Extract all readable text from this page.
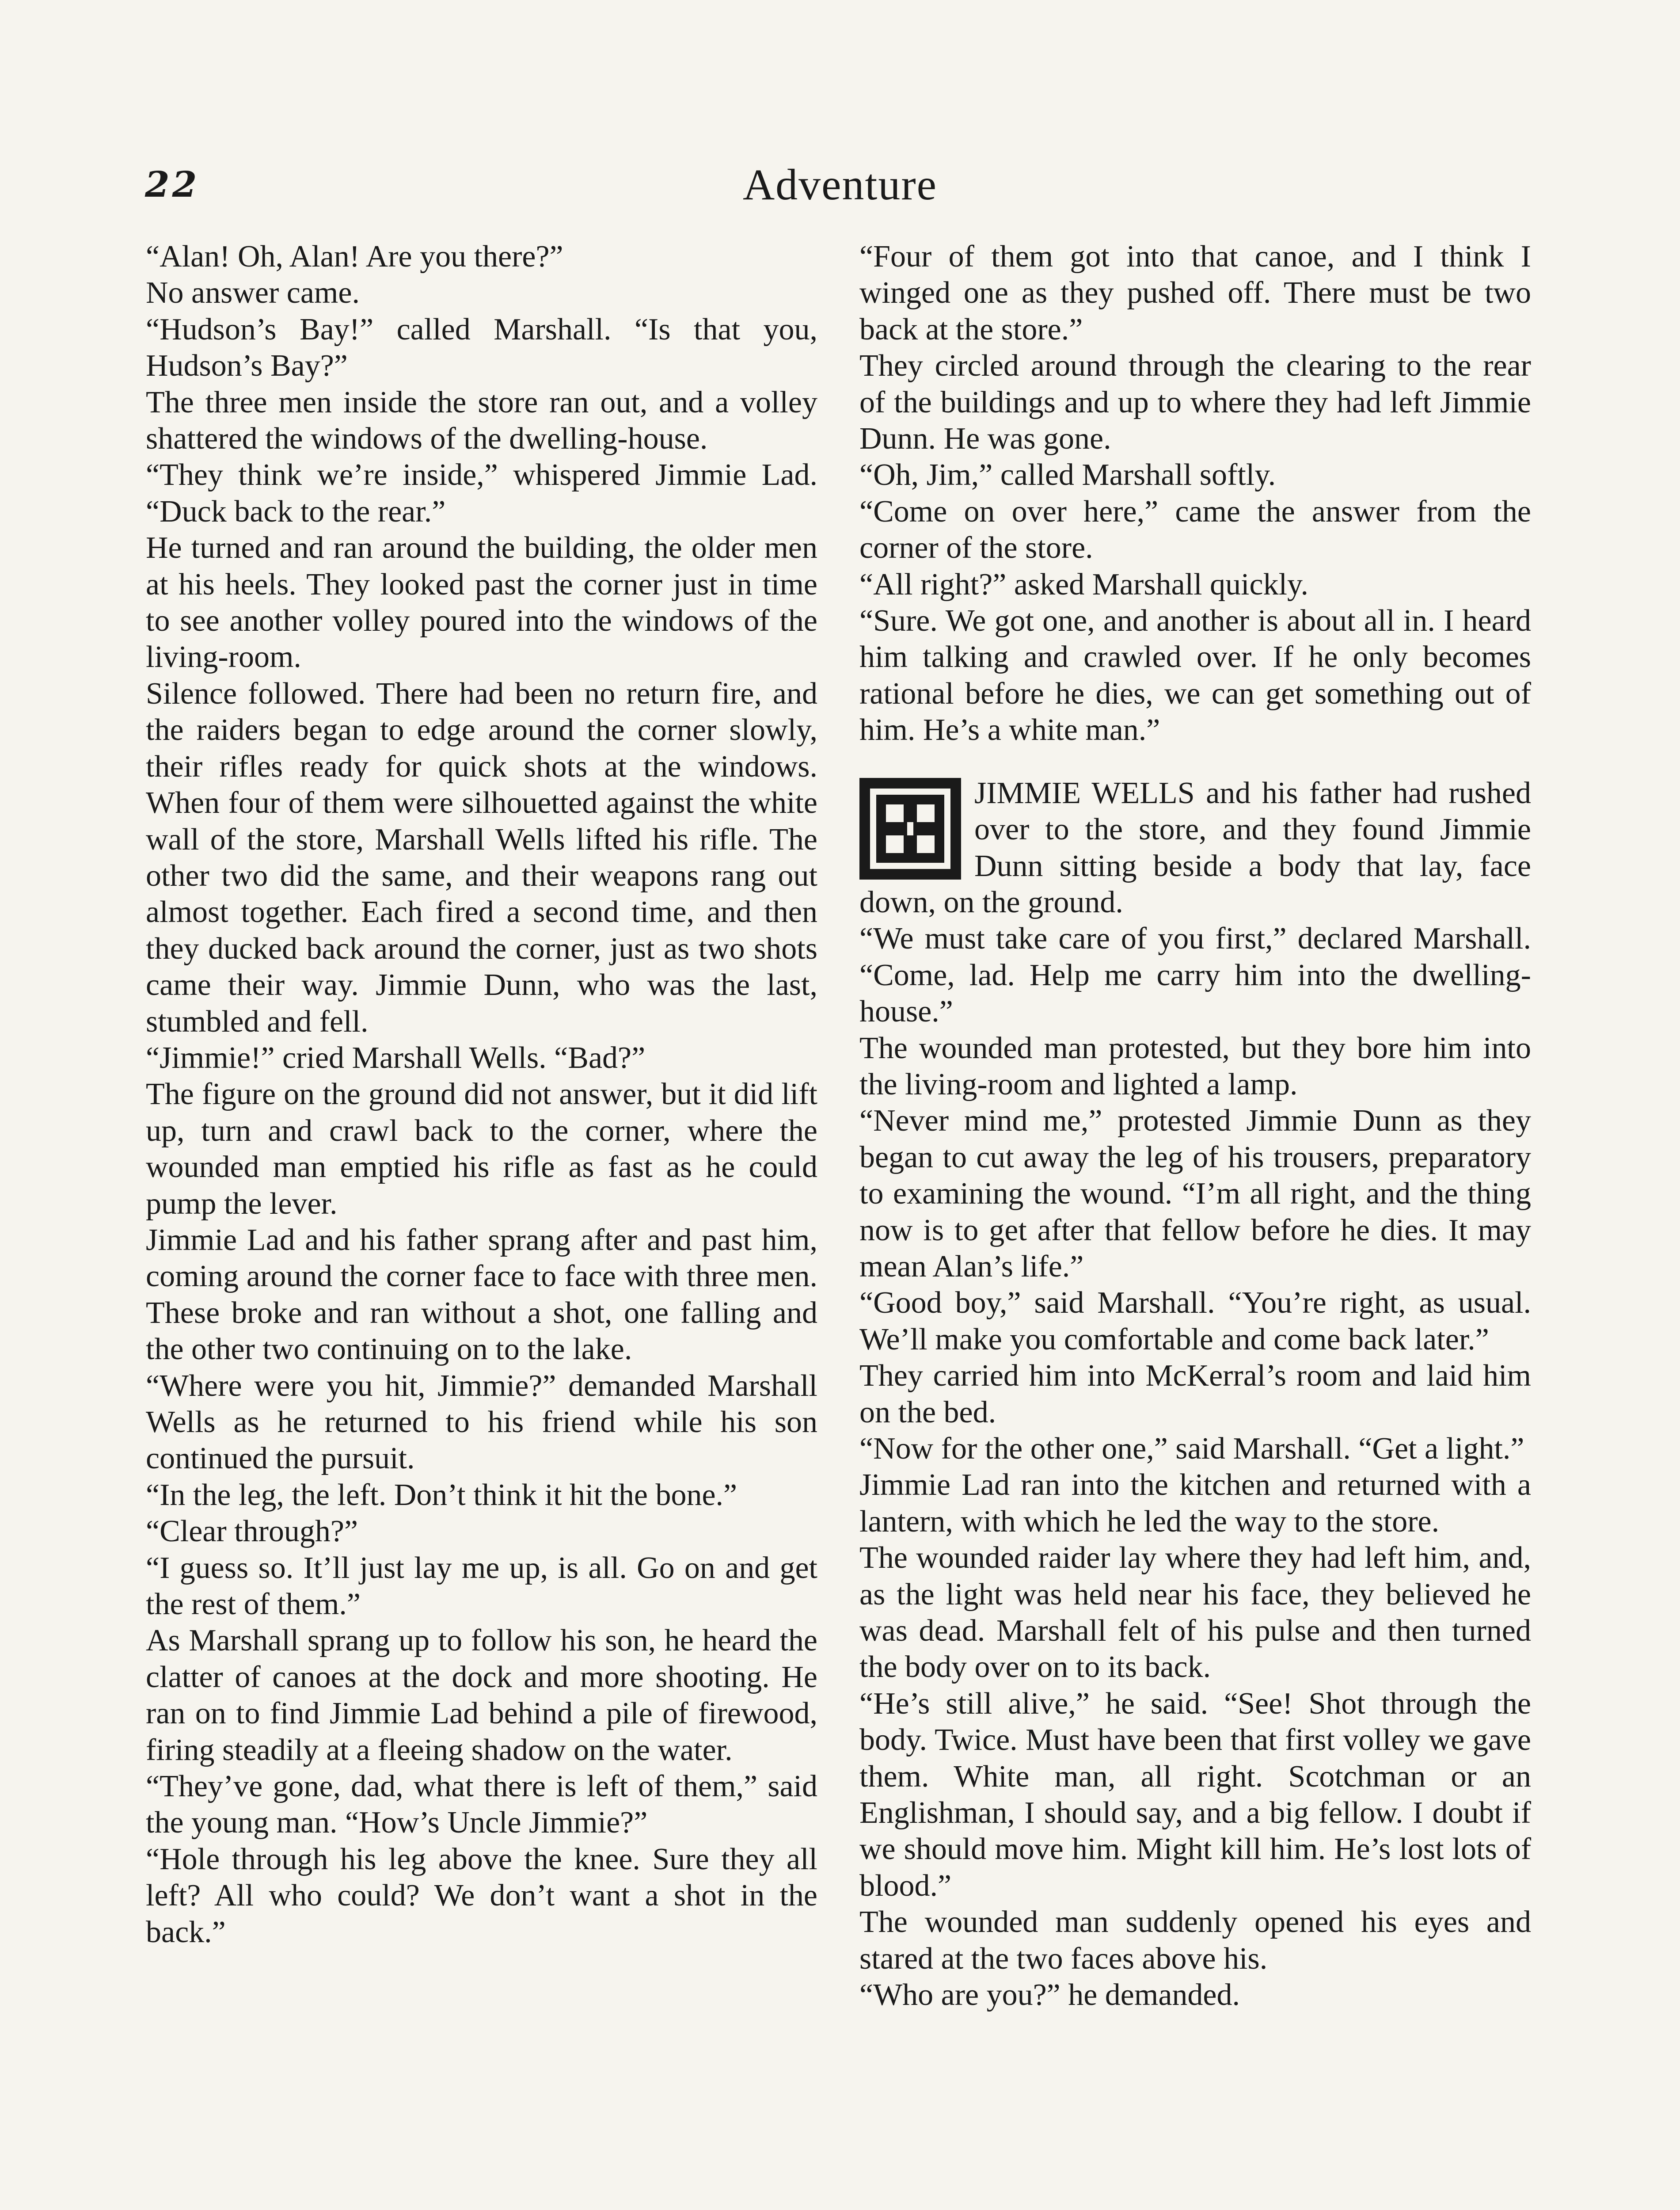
22	Adventure

“Alan! Oh, Alan! Are you there?”

No answer came.

“Hudson’s Bay!” called Marshall. “Is that you, Hudson’s Bay?”

The three men inside the store ran out, and a volley shattered the windows of the dwelling-house.

“They think we’re inside,” whispered Jimmie Lad. “Duck back to the rear.”

He turned and ran around the building, the older men at his heels. They looked past the corner just in time to see another volley poured into the windows of the living-room.

Silence followed. There had been no return fire, and the raiders began to edge around the corner slowly, their rifles ready for quick shots at the windows. When four of them were silhouetted against the white wall of the store, Marshall Wells lifted his rifle. The other two did the same, and their weapons rang out almost together. Each fired a second time, and then they ducked back around the corner, just as two shots came their way. Jimmie Dunn, who was the last, stumbled and fell.

“Jimmie!” cried Marshall Wells. “Bad?”

The figure on the ground did not answer, but it did lift up, turn and crawl back to the corner, where the wounded man emptied his rifle as fast as he could pump the lever.

Jimmie Lad and his father sprang after and past him, coming around the corner face to face with three men. These broke and ran without a shot, one falling and the other two continuing on to the lake.

“Where were you hit, Jimmie?” demanded Marshall Wells as he returned to his friend while his son continued the pursuit.

“In the leg, the left. Don’t think it hit the bone.”

“Clear through?”

“I guess so. It’ll just lay me up, is all. Go on and get the rest of them.”

As Marshall sprang up to follow his son, he heard the clatter of canoes at the dock and more shooting. He ran on to find Jimmie Lad behind a pile of firewood, firing steadily at a fleeing shadow on the water.

“They’ve gone, dad, what there is left of them,” said the young man. “How’s Uncle Jimmie?”

“Hole through his leg above the knee. Sure they all left? All who could? We don’t want a shot in the back.”

“Four of them got into that canoe, and I think I winged one as they pushed off. There must be two back at the store.”

They circled around through the clearing to the rear of the buildings and up to where they had left Jimmie Dunn. He was gone.

“Oh, Jim,” called Marshall softly.

“Come on over here,” came the answer from the corner of the store.

“All right?” asked Marshall quickly.

“Sure. We got one, and another is about all in. I heard him talking and crawled over. If he only becomes rational before he dies, we can get something out of him. He’s a white man.”

JIMMIE WELLS and his father had rushed over to the store, and they found Jimmie Dunn sitting beside a body that lay, face down, on the ground.

“We must take care of you first,” declared Marshall. “Come, lad. Help me carry him into the dwelling-house.”

The wounded man protested, but they bore him into the living-room and lighted a lamp.

“Never mind me,” protested Jimmie Dunn as they began to cut away the leg of his trousers, preparatory to examining the wound. “I’m all right, and the thing now is to get after that fellow before he dies. It may mean Alan’s life.”

“Good boy,” said Marshall. “You’re right, as usual. We’ll make you comfortable and come back later.”

They carried him into McKerral’s room and laid him on the bed.

“Now for the other one,” said Marshall. “Get a light.”

Jimmie Lad ran into the kitchen and returned with a lantern, with which he led the way to the store.

The wounded raider lay where they had left him, and, as the light was held near his face, they believed he was dead. Marshall felt of his pulse and then turned the body over on to its back.

“He’s still alive,” he said. “See! Shot through the body. Twice. Must have been that first volley we gave them. White man, all right. Scotchman or an Englishman, I should say, and a big fellow. I doubt if we should move him. Might kill him. He’s lost lots of blood.”

The wounded man suddenly opened his eyes and stared at the two faces above his.

“Who are you?” he demanded.
